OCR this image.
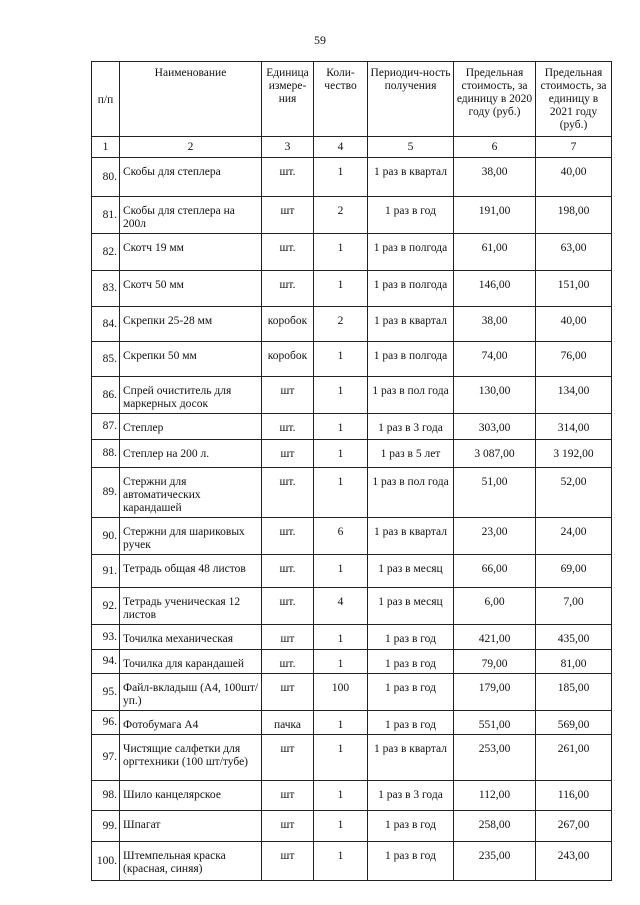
59
п/п	Наименование	Единица измере-ния	Коли-чество	Периодич-ность получения	Предельная стоимость, за единицу в 2020 году (руб.)	Предельная стоимость, за единицу в 2021 году (руб.)
1	2	3	4	5	6	7
80.	Скобы для степлера	шт.	1	1 раз в квартал	38,00	40,00
81.	Скобы для степлера на 200л	шт	2	1 раз в год	191,00	198,00
82.	Скотч 19 мм	шт.	1	1 раз в полгода	61,00	63,00
83.	Скотч 50 мм	шт.	1	1 раз в полгода	146,00	151,00
84.	Скрепки 25-28 мм	коробок	2	1 раз в квартал	38,00	40,00
85.	Скрепки 50 мм	коробок	1	1 раз в полгода	74,00	76,00
86.	Спрей очиститель для маркерных досок	шт	1	1 раз в пол года	130,00	134,00
87.	Степлер	шт.	1	1 раз в 3 года	303,00	314,00
88.	Степлер на 200 л.	шт	1	1 раз в 5 лет	3 087,00	3 192,00
89.	Стержни для автоматических карандашей	шт.	1	1 раз в пол года	51,00	52,00
90.	Стержни для шариковых ручек	шт.	6	1 раз в квартал	23,00	24,00
91.	Тетрадь общая 48 листов	шт.	1	1 раз в месяц	66,00	69,00
92.	Тетрадь ученическая 12 листов	шт.	4	1 раз в месяц	6,00	7,00
93.	Точилка механическая	шт	1	1 раз в год	421,00	435,00
94.	Точилка для карандашей	шт.	1	1 раз в год	79,00	81,00
95.	Файл-вкладыш (А4, 100шт/уп.)	шт	100	1 раз в год	179,00	185,00
96.	Фотобумага А4	пачка	1	1 раз в год	551,00	569,00
97.	Чистящие салфетки для оргтехники (100 шт/тубе)	шт	1	1 раз в квартал	253,00	261,00
98.	Шило канцелярское	шт	1	1 раз в 3 года	112,00	116,00
99.	Шпагат	шт	1	1 раз в год	258,00	267,00
100.	Штемпельная краска (красная, синяя)	шт	1	1 раз в год	235,00	243,00
